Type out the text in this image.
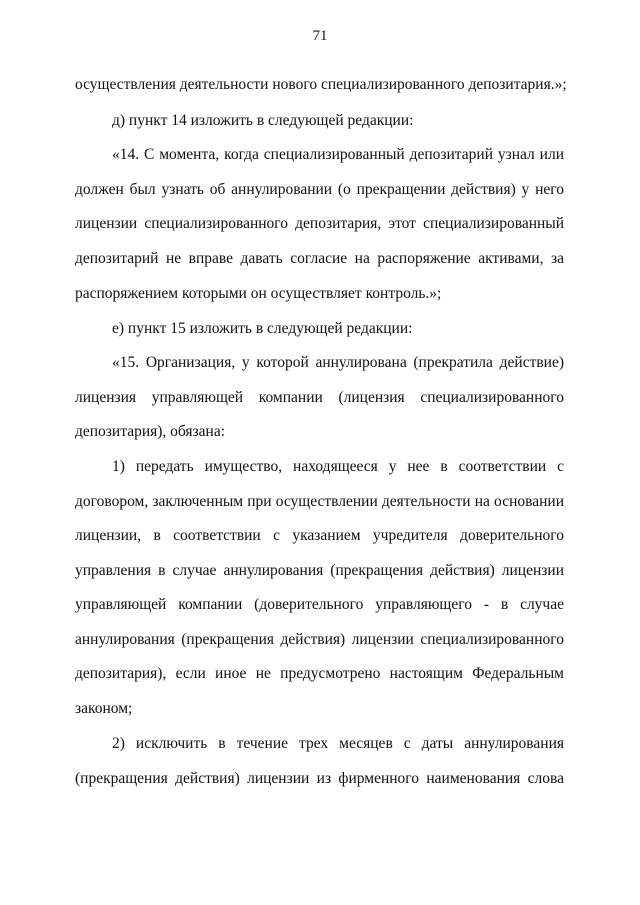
71
осуществления деятельности нового специализированного депозитария.»;
д) пункт 14 изложить в следующей редакции:
«14. С момента, когда специализированный депозитарий узнал или
должен был узнать об аннулировании (о прекращении действия) у него
лицензии специализированного депозитария, этот специализированный
депозитарий не вправе давать согласие на распоряжение активами, за
распоряжением которыми он осуществляет контроль.»;
е) пункт 15 изложить в следующей редакции:
«15. Организация, у которой аннулирована (прекратила действие)
лицензия управляющей компании (лицензия специализированного
депозитария), обязана:
1) передать имущество, находящееся у нее в соответствии с
договором, заключенным при осуществлении деятельности на основании
лицензии, в соответствии с указанием учредителя доверительного
управления в случае аннулирования (прекращения действия) лицензии
управляющей компании (доверительного управляющего - в случае
аннулирования (прекращения действия) лицензии специализированного
депозитария), если иное не предусмотрено настоящим Федеральным
законом;
2) исключить в течение трех месяцев с даты аннулирования
(прекращения действия) лицензии из фирменного наименования слова
